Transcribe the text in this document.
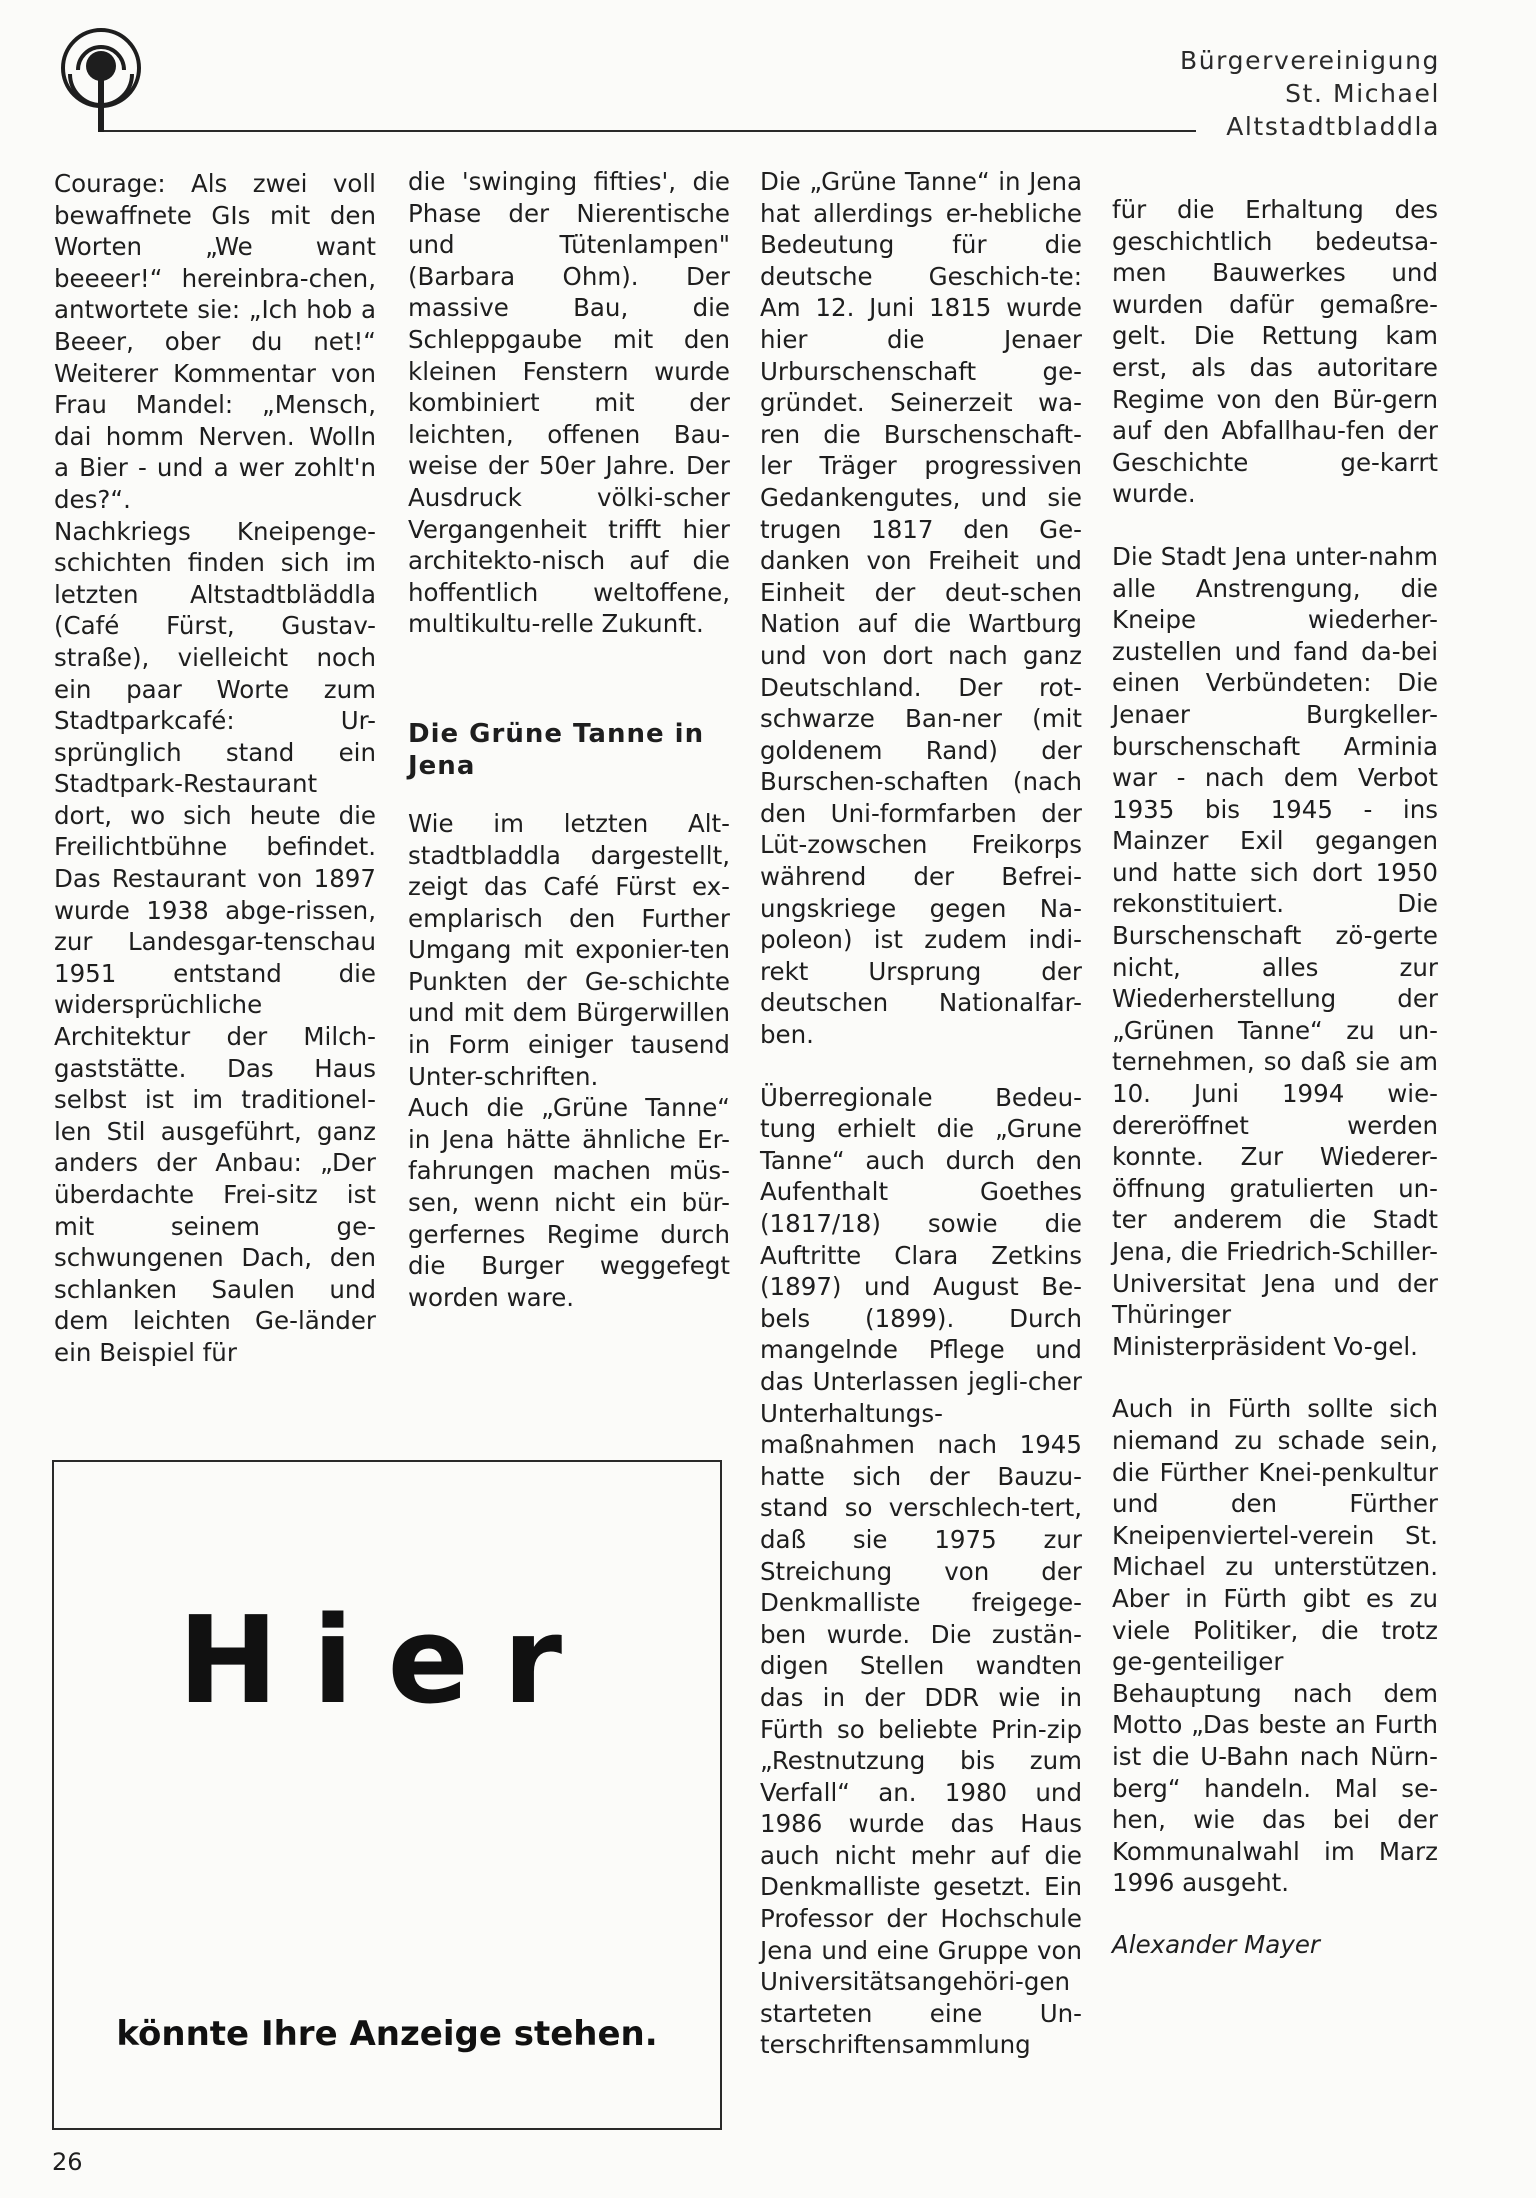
Bürgervereinigung
St. Michael
Altstadtbladdla

Courage: Als zwei voll bewaffnete GIs mit den Worten „We want beeeer!“ hereinbra-chen, antwortete sie: „Ich hob a Beeer, ober du net!“ Weiterer Kommentar von Frau Mandel: „Mensch, dai homm Nerven. Wolln a Bier - und a wer zohlt'n des?“.

Nachkriegs Kneipenge-schichten finden sich im letzten Altstadtbläddla (Café Fürst, Gustav-straße), vielleicht noch ein paar Worte zum Stadtparkcafé: Ur-sprünglich stand ein Stadtpark-Restaurant dort, wo sich heute die Freilichtbühne befindet. Das Restaurant von 1897 wurde 1938 abge-rissen, zur Landesgar-tenschau 1951 entstand die widersprüchliche Architektur der Milch-gaststätte. Das Haus selbst ist im traditionel-len Stil ausgeführt, ganz anders der Anbau: „Der überdachte Frei-sitz ist mit seinem ge-schwungenen Dach, den schlanken Saulen und dem leichten Ge-länder ein Beispiel für

die 'swinging fifties', die Phase der Nierentische und Tütenlampen" (Barbara Ohm). Der massive Bau, die Schleppgaube mit den kleinen Fenstern wurde kombiniert mit der leichten, offenen Bau-weise der 50er Jahre. Der Ausdruck völki-scher Vergangenheit trifft hier architekto-nisch auf die hoffentlich weltoffene, multikultu-relle Zukunft.

Die Grüne Tanne in Jena

Wie im letzten Alt-stadtbladdla dargestellt, zeigt das Café Fürst ex-emplarisch den Further Umgang mit exponier-ten Punkten der Ge-schichte und mit dem Bürgerwillen in Form einiger tausend Unter-schriften.

Auch die „Grüne Tanne“ in Jena hätte ähnliche Er-fahrungen machen müs-sen, wenn nicht ein bür-gerfernes Regime durch die Burger weggefegt worden ware.

Die „Grüne Tanne“ in Jena hat allerdings er-hebliche Bedeutung für die deutsche Geschich-te: Am 12. Juni 1815 wurde hier die Jenaer Urburschenschaft ge-gründet. Seinerzeit wa-ren die Burschenschaft-ler Träger progressiven Gedankengutes, und sie trugen 1817 den Ge-danken von Freiheit und Einheit der deut-schen Nation auf die Wartburg und von dort nach ganz Deutschland. Der rot-schwarze Ban-ner (mit goldenem Rand) der Burschen-schaften (nach den Uni-formfarben der Lüt-zowschen Freikorps während der Befrei-ungskriege gegen Na-poleon) ist zudem indi-rekt Ursprung der deutschen Nationalfar-ben.

Überregionale Bedeu-tung erhielt die „Grune Tanne“ auch durch den Aufenthalt Goethes (1817/18) sowie die Auftritte Clara Zetkins (1897) und August Be-bels (1899). Durch mangelnde Pflege und das Unterlassen jegli-cher Unterhaltungs-maßnahmen nach 1945 hatte sich der Bauzu-stand so verschlech-tert, daß sie 1975 zur Streichung von der Denkmalliste freigege-ben wurde. Die zustän-digen Stellen wandten das in der DDR wie in Fürth so beliebte Prin-zip „Restnutzung bis zum Verfall“ an. 1980 und 1986 wurde das Haus auch nicht mehr auf die Denkmalliste gesetzt. Ein Professor der Hochschule Jena und eine Gruppe von Universitätsangehöri-gen starteten eine Un-terschriftensammlung

für die Erhaltung des geschichtlich bedeutsa-men Bauwerkes und wurden dafür gemaßre-gelt. Die Rettung kam erst, als das autoritare Regime von den Bür-gern auf den Abfallhau-fen der Geschichte ge-karrt wurde.

Die Stadt Jena unter-nahm alle Anstrengung, die Kneipe wiederher-zustellen und fand da-bei einen Verbündeten: Die Jenaer Burgkeller-burschenschaft Arminia war - nach dem Verbot 1935 bis 1945 - ins Mainzer Exil gegangen und hatte sich dort 1950 rekonstituiert. Die Burschenschaft zö-gerte nicht, alles zur Wiederherstellung der „Grünen Tanne“ zu un-ternehmen, so daß sie am 10. Juni 1994 wie-dereröffnet werden konnte. Zur Wiederer-öffnung gratulierten un-ter anderem die Stadt Jena, die Friedrich-Schiller-Universitat Jena und der Thüringer Ministerpräsident Vo-gel.

Auch in Fürth sollte sich niemand zu schade sein, die Fürther Knei-penkultur und den Fürther Kneipenviertel-verein St. Michael zu unterstützen. Aber in Fürth gibt es zu viele Politiker, die trotz ge-genteiliger Behauptung nach dem Motto „Das beste an Furth ist die U-Bahn nach Nürn-berg“ handeln. Mal se-hen, wie das bei der Kommunalwahl im Marz 1996 ausgeht.

Alexander Mayer
Hier
könnte Ihre Anzeige stehen.
26
